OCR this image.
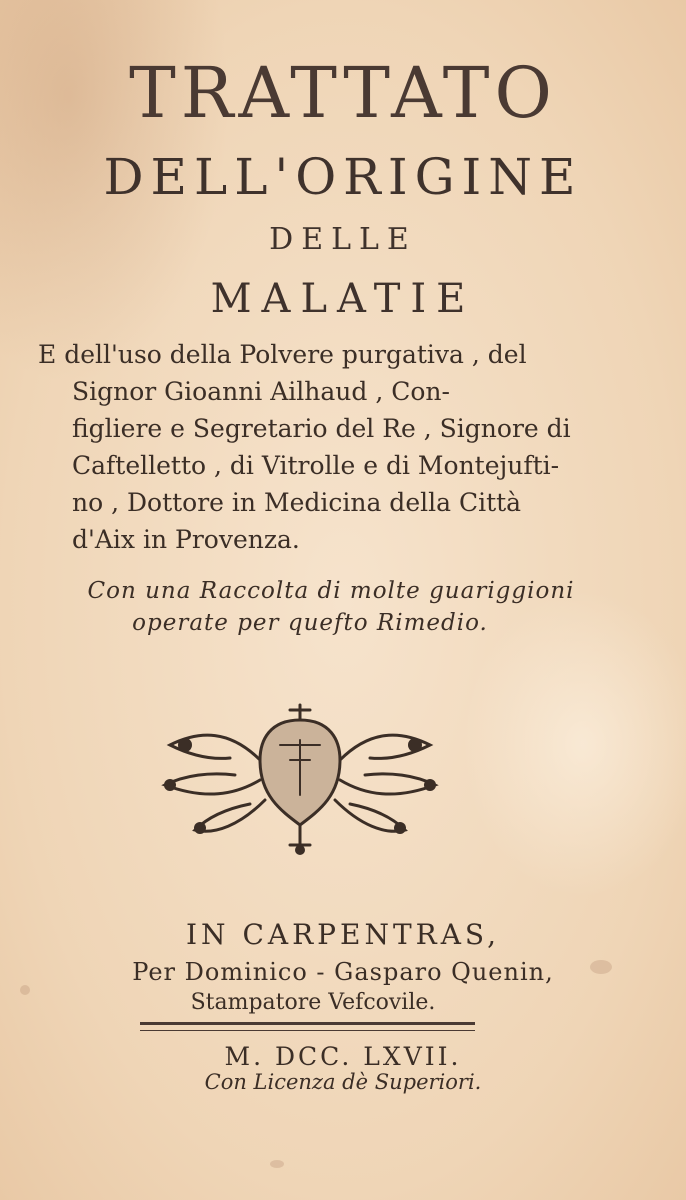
TRATTATO
DELL'ORIGINE
DELLE
MALATIE
E dell'uso della Polvere purgativa , del
Signor Gioanni Ailhaud , Con-
figliere e Segretario del Re , Signore di
Caftelletto , di Vitrolle e di Montejufti-
no , Dottore in Medicina della Città
d'Aix in Provenza.
Con una Raccolta di molte guariggioni
operate per quefto Rimedio.
IN CARPENTRAS,
Per Dominico - Gasparo Quenin,
Stampatore Vefcovile.
M. DCC. LXVII.
Con Licenza dè Superiori.
